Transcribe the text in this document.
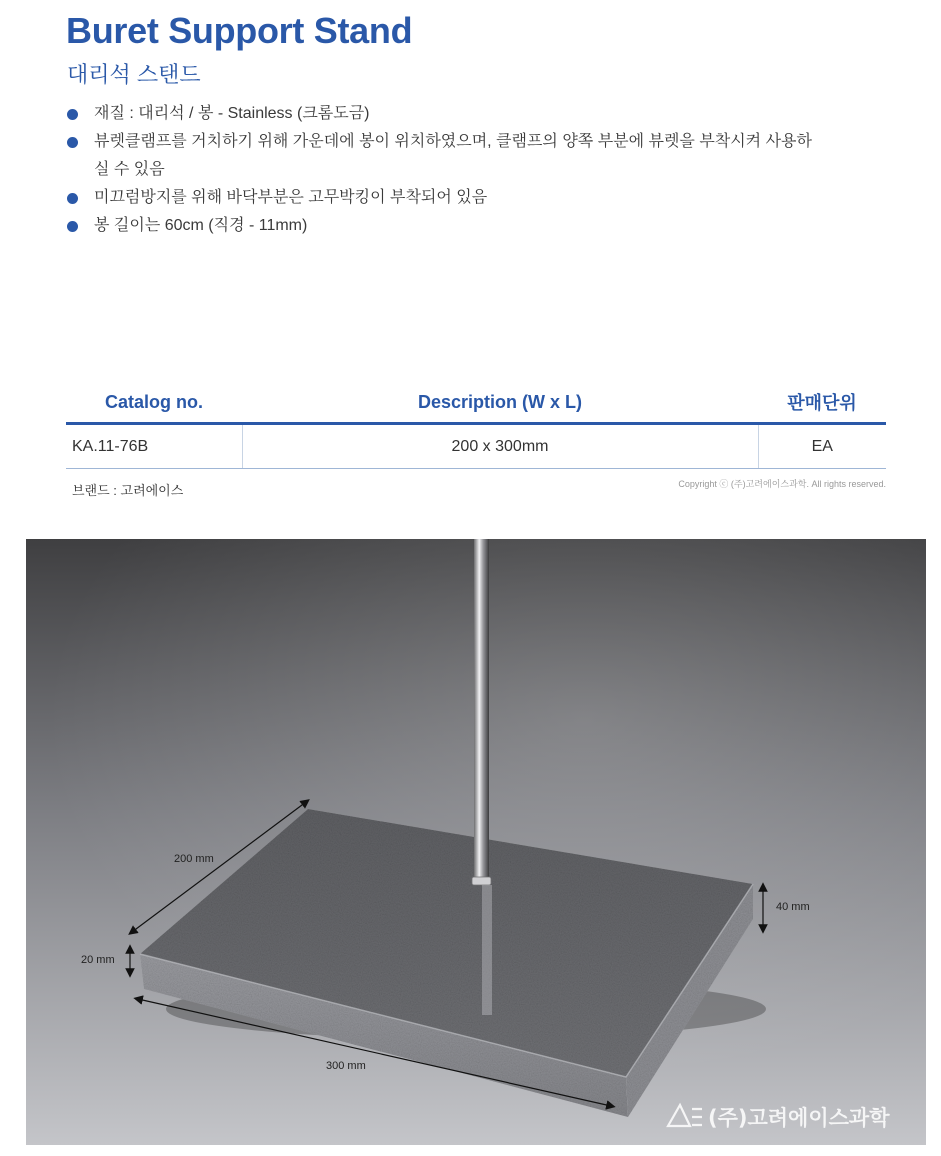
Buret Support Stand
대리석 스탠드
재질 : 대리석 / 봉 - Stainless (크롬도금)
뷰렛클램프를 거치하기 위해 가운데에 봉이 위치하였으며, 클램프의 양쪽 부분에 뷰렛을 부착시켜 사용하실 수 있음
미끄럼방지를 위해 바닥부분은 고무박킹이 부착되어 있음
봉 길이는 60cm (직경 - 11mm)
Catalog no.	Description (W x L)	판매단위
KA.11-76B	200 x 300mm	EA
브랜드 : 고려에이스	Copyright ⓒ (주)고려에이스과학. All rights reserved.
200 mm
300 mm
20 mm
40 mm
(주)고려에이스과학
